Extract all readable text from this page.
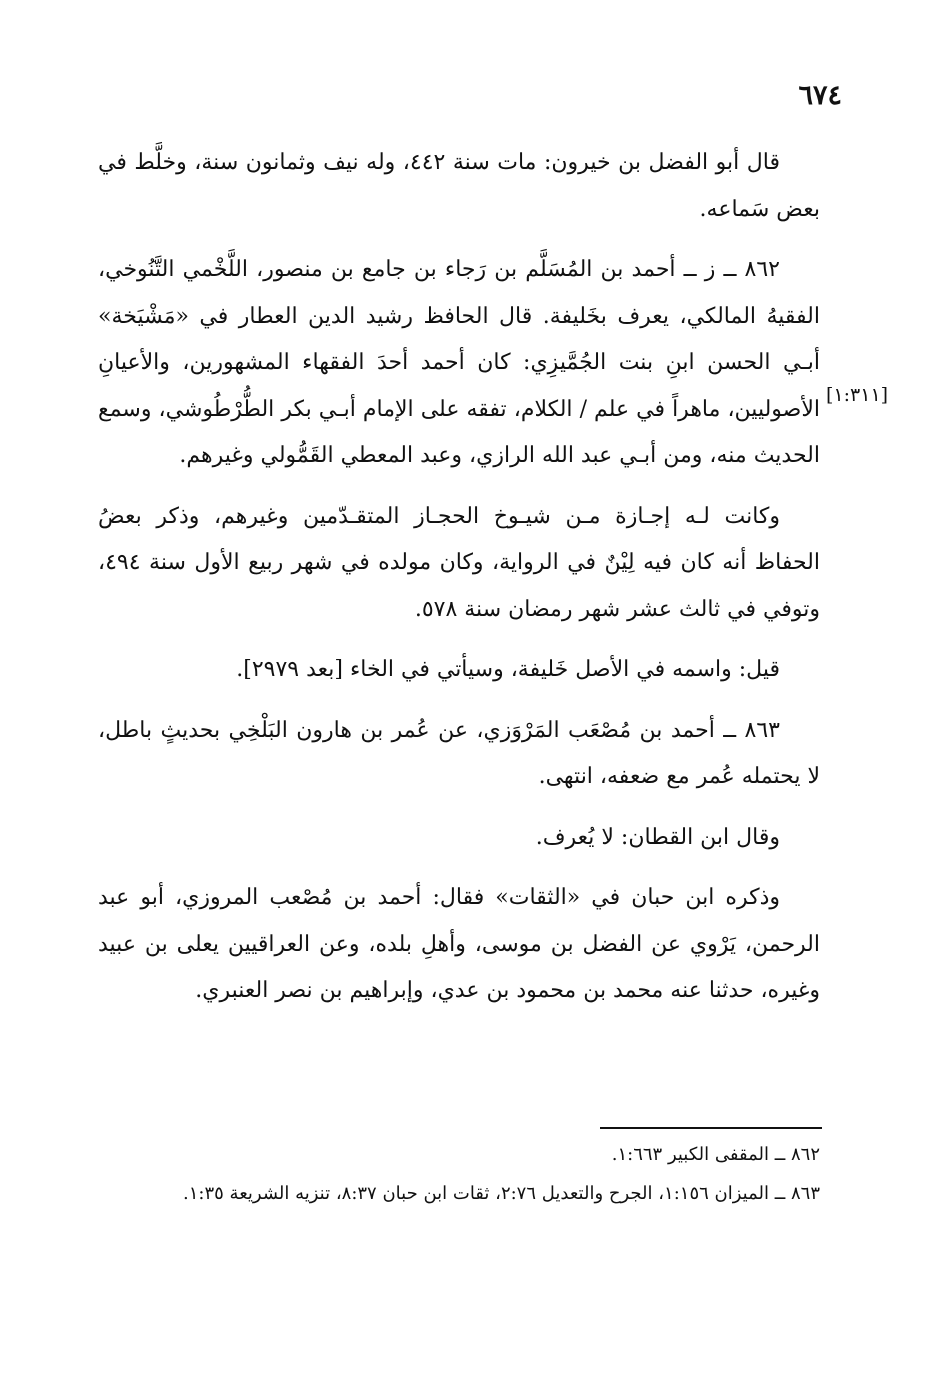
٦٧٤
[١:٣١١]

قال أبو الفضل بن خيرون: مات سنة ٤٤٢، وله نيف وثمانون سنة، وخلَّط في بعض سَماعه.

٨٦٢ ــ ز ــ أحمد بن المُسَلَّم بن رَجاء بن جامع بن منصور، اللَّخْمي التَّنُوخي، الفقيهُ المالكي، يعرف بخَليفة. قال الحافظ رشيد الدين العطار في «مَشْيَخة» أبـي الحسن ابنِ بنت الجُمَّيزِي: كان أحمد أحدَ الفقهاء المشهورين، والأعيانِ الأصوليين، ماهراً في علم / الكلام، تفقه على الإمام أبـي بكر الطُّرْطُوشي، وسمع الحديث منه، ومن أبـي عبد الله الرازي، وعبد المعطي القَمُّولي وغيرهم.

وكانت لـه إجـازة مـن شيـوخ الحجـاز المتقـدّمين وغيرهم، وذكر بعضُ الحفاظ أنه كان فيه لِيْنٌ في الرواية، وكان مولده في شهر ربيع الأول سنة ٤٩٤، وتوفي في ثالث عشر شهر رمضان سنة ٥٧٨.

قيل: واسمه في الأصل خَليفة، وسيأتي في الخاء [بعد ٢٩٧٩].

٨٦٣ ــ أحمد بن مُصْعَب المَرْوَزي، عن عُمر بن هارون البَلْخِي بحديثٍ باطل، لا يحتمله عُمر مع ضعفه، انتهى.

وقال ابن القطان: لا يُعرف.

وذكره ابن حبان في «الثقات» فقال: أحمد بن مُصْعب المروزي، أبو عبد الرحمن، يَرْوي عن الفضل بن موسى، وأهلِ بلده، وعن العراقيين يعلى بن عبيد وغيره، حدثنا عنه محمد بن محمود بن عدي، وإبراهيم بن نصر العنبري.

٨٦٢ ــ المقفى الكبير ١:٦٦٣.

٨٦٣ ــ الميزان ١:١٥٦، الجرح والتعديل ٢:٧٦، ثقات ابن حبان ٨:٣٧، تنزيه الشريعة ١:٣٥.
